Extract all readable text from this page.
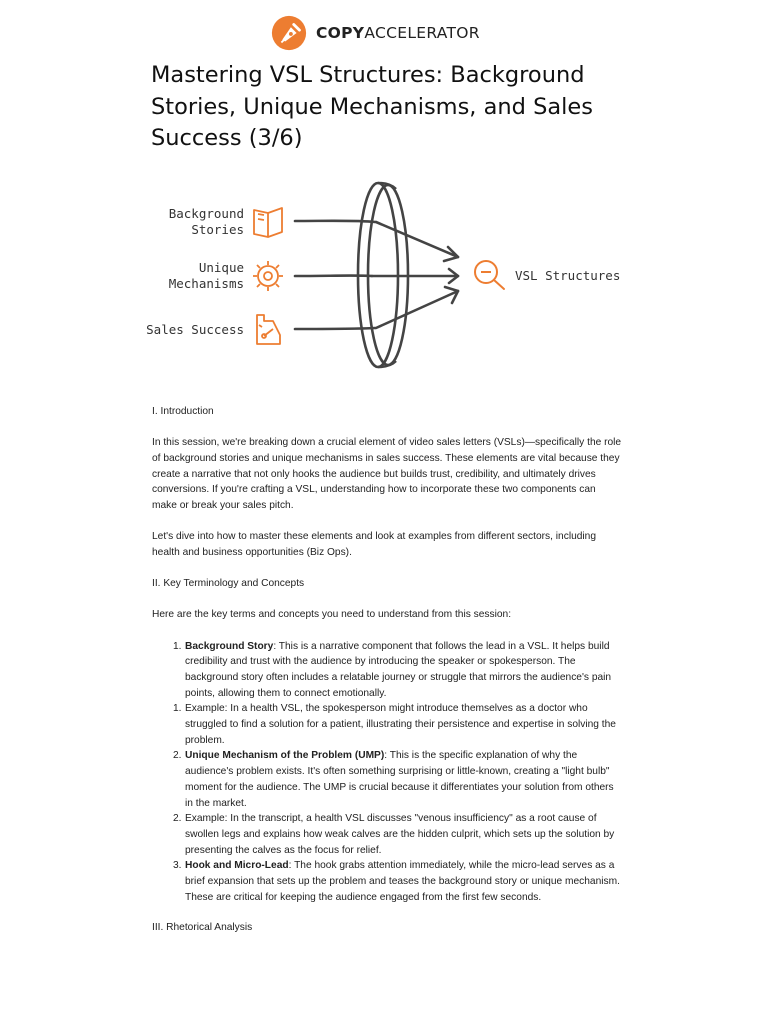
COPYACCELERATOR
Mastering VSL Structures: Background Stories, Unique Mechanisms, and Sales Success (3/6)
Background
Stories
Unique
Mechanisms
Sales Success
VSL Structures

I. Introduction

In this session, we're breaking down a crucial element of video sales letters (VSLs)—specifically the role of background stories and unique mechanisms in sales success. These elements are vital because they create a narrative that not only hooks the audience but builds trust, credibility, and ultimately drives conversions. If you're crafting a VSL, understanding how to incorporate these two components can make or break your sales pitch.

Let's dive into how to master these elements and look at examples from different sectors, including health and business opportunities (Biz Ops).

II. Key Terminology and Concepts

Here are the key terms and concepts you need to understand from this session:

1. Background Story: This is a narrative component that follows the lead in a VSL. It helps build credibility and trust with the audience by introducing the speaker or spokesperson. The background story often includes a relatable journey or struggle that mirrors the audience's pain points, allowing them to connect emotionally.
1. Example: In a health VSL, the spokesperson might introduce themselves as a doctor who struggled to find a solution for a patient, illustrating their persistence and expertise in solving the problem.
2. Unique Mechanism of the Problem (UMP): This is the specific explanation of why the audience's problem exists. It's often something surprising or little-known, creating a "light bulb" moment for the audience. The UMP is crucial because it differentiates your solution from others in the market.
2. Example: In the transcript, a health VSL discusses "venous insufficiency" as a root cause of swollen legs and explains how weak calves are the hidden culprit, which sets up the solution by presenting the calves as the focus for relief.
3. Hook and Micro-Lead: The hook grabs attention immediately, while the micro-lead serves as a brief expansion that sets up the problem and teases the background story or unique mechanism. These are critical for keeping the audience engaged from the first few seconds.

III. Rhetorical Analysis
